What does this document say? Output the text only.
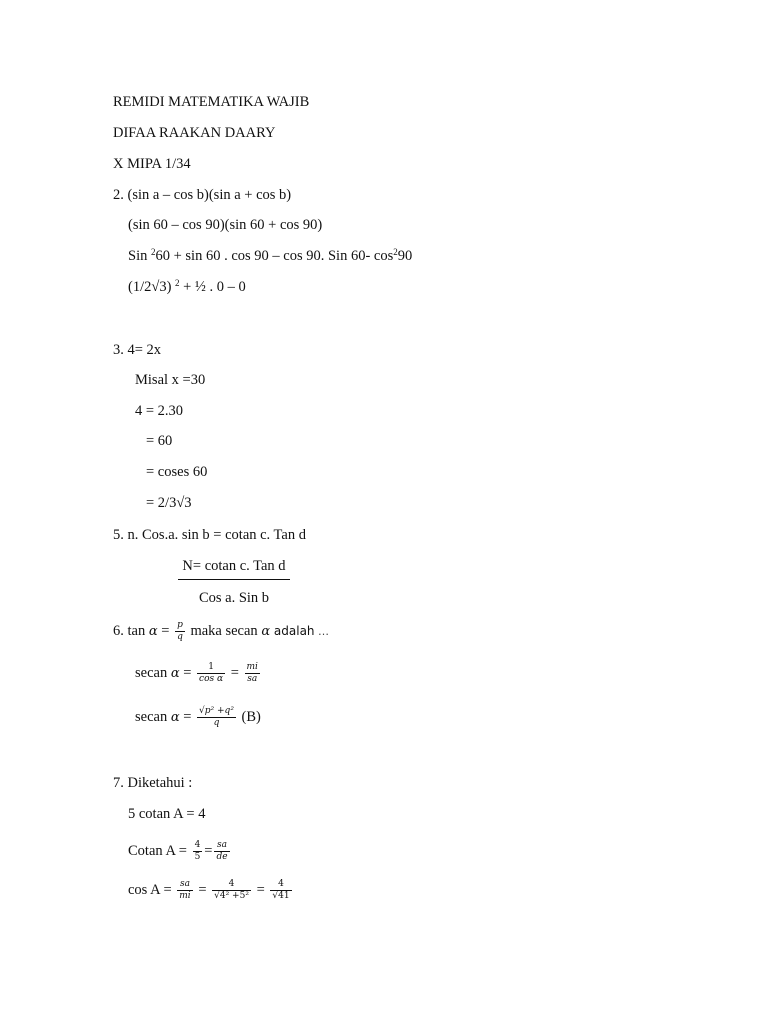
REMIDI MATEMATIKA WAJIB
DIFAA RAAKAN DAARY
X MIPA 1/34
2. (sin a – cos b)(sin a + cos b)
(sin 60 – cos 90)(sin 60 + cos 90)
Sin $^2$60 + sin 60 . cos 90 – cos 90. Sin 60- $\cos^290$
(1/2√3) $^2$ + ½ . 0 – 0
3. 4= 2x
Misal x =30
4 = 2.30
= 60
= coses 60
= 2/3√3
5. n. Cos.a. sin b = cotan c. Tan d
N= cotan c. Tan d
Cos a. Sin b
6. $\tan \alpha = \frac{p}{q}$ maka secan α adalah …
secan $\alpha = \frac{1}{\text{cos α}} = \frac{mi}{sa}$
secan $\alpha = \frac{\text{√p² +q²}}{q} (B)$
7. Diketahui :
5 cotan A = 4
Cotan $A = \frac{4}{5} = \frac{sa}{de}$
$\cos A = \frac{sa}{mi} = \frac{4}{\text{√4² +5²}} = \frac{4}{√41}$
